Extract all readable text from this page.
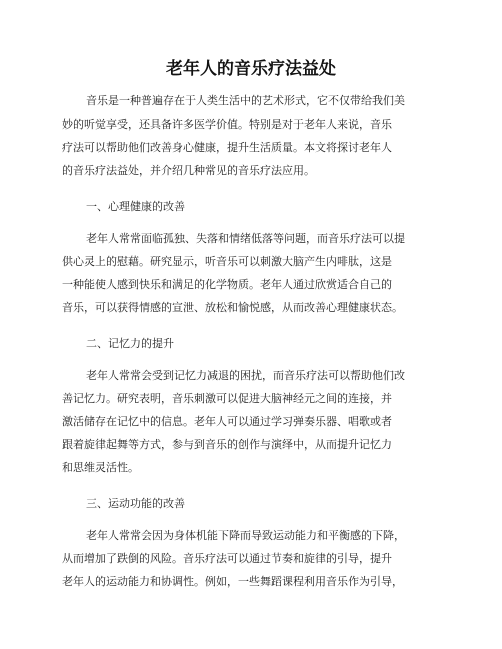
老年人的音乐疗法益处
音乐是一种普遍存在于人类生活中的艺术形式，它不仅带给我们美
妙的听觉享受，还具备许多医学价值。特别是对于老年人来说，音乐
疗法可以帮助他们改善身心健康，提升生活质量。本文将探讨老年人
的音乐疗法益处，并介绍几种常见的音乐疗法应用。
一、心理健康的改善
老年人常常面临孤独、失落和情绪低落等问题，而音乐疗法可以提
供心灵上的慰藉。研究显示，听音乐可以刺激大脑产生内啡肽，这是
一种能使人感到快乐和满足的化学物质。老年人通过欣赏适合自己的
音乐，可以获得情感的宣泄、放松和愉悦感，从而改善心理健康状态。
二、记忆力的提升
老年人常常会受到记忆力减退的困扰，而音乐疗法可以帮助他们改
善记忆力。研究表明，音乐刺激可以促进大脑神经元之间的连接，并
激活储存在记忆中的信息。老年人可以通过学习弹奏乐器、唱歌或者
跟着旋律起舞等方式，参与到音乐的创作与演绎中，从而提升记忆力
和思维灵活性。
三、运动功能的改善
老年人常常会因为身体机能下降而导致运动能力和平衡感的下降，
从而增加了跌倒的风险。音乐疗法可以通过节奏和旋律的引导，提升
老年人的运动能力和协调性。例如，一些舞蹈课程利用音乐作为引导，
